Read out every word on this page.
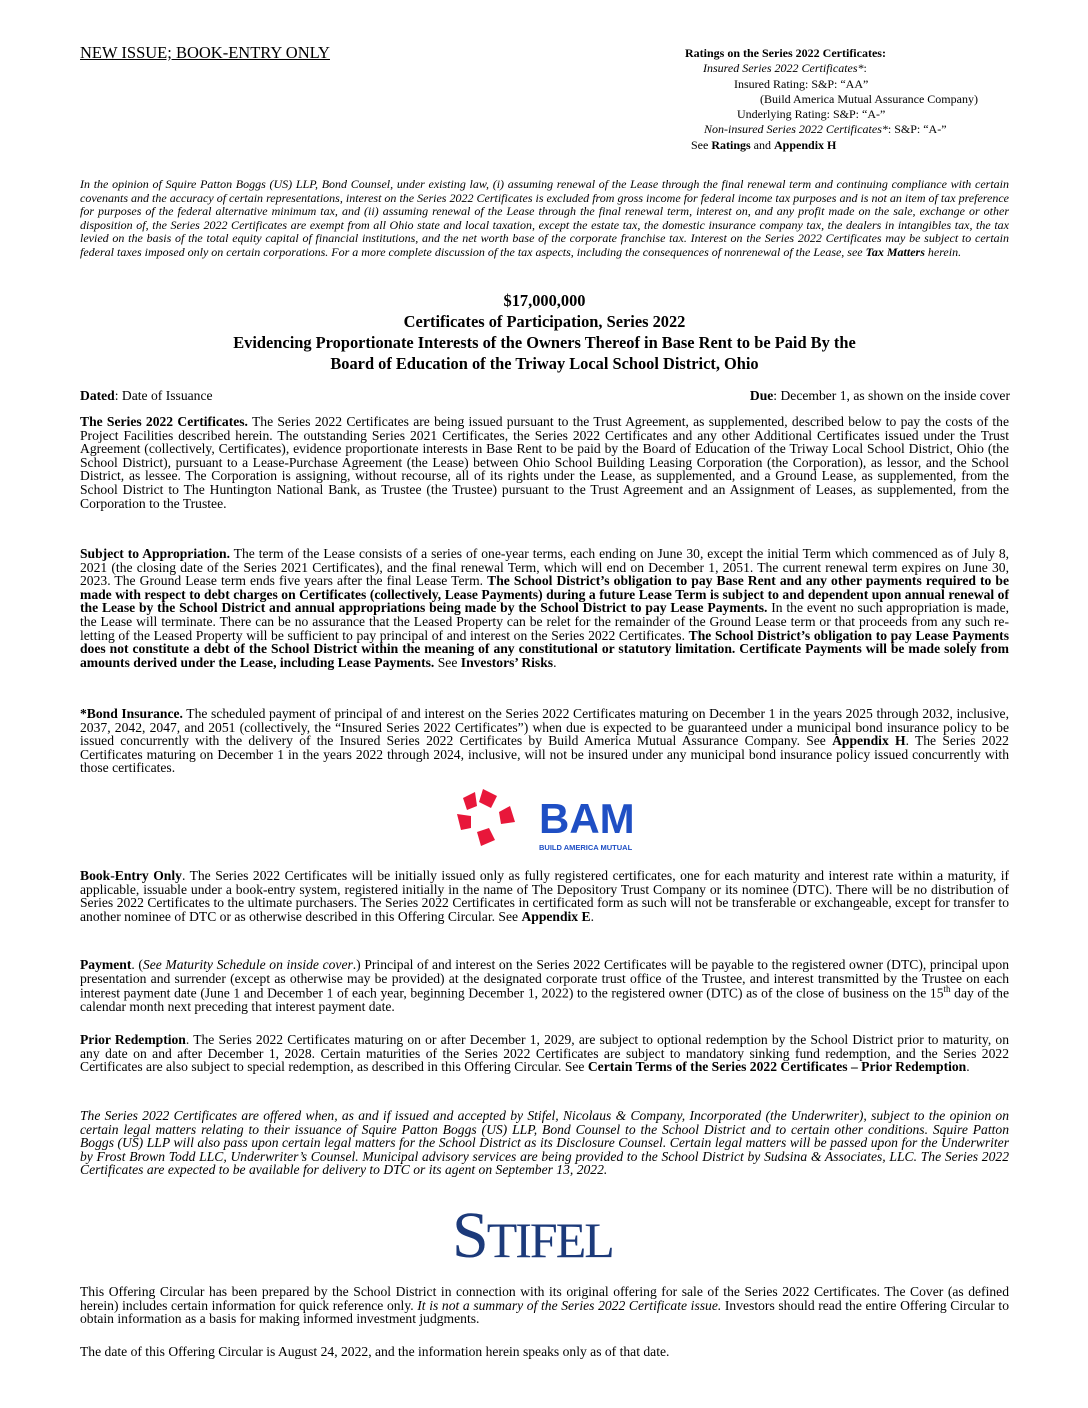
NEW ISSUE; BOOK-ENTRY ONLY	Ratings on the Series 2022 Certificates:
Insured Series 2022 Certificates*:
Insured Rating: S&P: “AA”
(Build America Mutual Assurance Company)
Underlying Rating: S&P: “A-”
Non-insured Series 2022 Certificates*: S&P: “A-”
See Ratings and Appendix H
In the opinion of Squire Patton Boggs (US) LLP, Bond Counsel, under existing law, (i) assuming renewal of the Lease through the final renewal term and continuing compliance with certain covenants and the accuracy of certain representations, interest on the Series 2022 Certificates is excluded from gross income for federal income tax purposes and is not an item of tax preference for purposes of the federal alternative minimum tax, and (ii) assuming renewal of the Lease through the final renewal term, interest on, and any profit made on the sale, exchange or other disposition of, the Series 2022 Certificates are exempt from all Ohio state and local taxation, except the estate tax, the domestic insurance company tax, the dealers in intangibles tax, the tax levied on the basis of the total equity capital of financial institutions, and the net worth base of the corporate franchise tax. Interest on the Series 2022 Certificates may be subject to certain federal taxes imposed only on certain corporations. For a more complete discussion of the tax aspects, including the consequences of nonrenewal of the Lease, see Tax Matters herein.
$17,000,000
Certificates of Participation, Series 2022
Evidencing Proportionate Interests of the Owners Thereof in Base Rent to be Paid By the
Board of Education of the Triway Local School District, Ohio
Dated: Date of Issuance	Due: December 1, as shown on the inside cover
The Series 2022 Certificates. The Series 2022 Certificates are being issued pursuant to the Trust Agreement, as supplemented, described below to pay the costs of the Project Facilities described herein. The outstanding Series 2021 Certificates, the Series 2022 Certificates and any other Additional Certificates issued under the Trust Agreement (collectively, Certificates), evidence proportionate interests in Base Rent to be paid by the Board of Education of the Triway Local School District, Ohio (the School District), pursuant to a Lease-Purchase Agreement (the Lease) between Ohio School Building Leasing Corporation (the Corporation), as lessor, and the School District, as lessee. The Corporation is assigning, without recourse, all of its rights under the Lease, as supplemented, and a Ground Lease, as supplemented, from the School District to The Huntington National Bank, as Trustee (the Trustee) pursuant to the Trust Agreement and an Assignment of Leases, as supplemented, from the Corporation to the Trustee.
Subject to Appropriation. The term of the Lease consists of a series of one-year terms, each ending on June 30, except the initial Term which commenced as of July 8, 2021 (the closing date of the Series 2021 Certificates), and the final renewal Term, which will end on December 1, 2051. The current renewal term expires on June 30, 2023. The Ground Lease term ends five years after the final Lease Term. The School District’s obligation to pay Base Rent and any other payments required to be made with respect to debt charges on Certificates (collectively, Lease Payments) during a future Lease Term is subject to and dependent upon annual renewal of the Lease by the School District and annual appropriations being made by the School District to pay Lease Payments. In the event no such appropriation is made, the Lease will terminate. There can be no assurance that the Leased Property can be relet for the remainder of the Ground Lease term or that proceeds from any such re-letting of the Leased Property will be sufficient to pay principal of and interest on the Series 2022 Certificates. The School District’s obligation to pay Lease Payments does not constitute a debt of the School District within the meaning of any constitutional or statutory limitation. Certificate Payments will be made solely from amounts derived under the Lease, including Lease Payments. See Investors’ Risks.
*Bond Insurance. The scheduled payment of principal of and interest on the Series 2022 Certificates maturing on December 1 in the years 2025 through 2032, inclusive, 2037, 2042, 2047, and 2051 (collectively, the “Insured Series 2022 Certificates”) when due is expected to be guaranteed under a municipal bond insurance policy to be issued concurrently with the delivery of the Insured Series 2022 Certificates by Build America Mutual Assurance Company. See Appendix H. The Series 2022 Certificates maturing on December 1 in the years 2022 through 2024, inclusive, will not be insured under any municipal bond insurance policy issued concurrently with those certificates.
BAM
BUILD AMERICA MUTUAL
Book-Entry Only. The Series 2022 Certificates will be initially issued only as fully registered certificates, one for each maturity and interest rate within a maturity, if applicable, issuable under a book-entry system, registered initially in the name of The Depository Trust Company or its nominee (DTC). There will be no distribution of Series 2022 Certificates to the ultimate purchasers. The Series 2022 Certificates in certificated form as such will not be transferable or exchangeable, except for transfer to another nominee of DTC or as otherwise described in this Offering Circular. See Appendix E.
Payment. (See Maturity Schedule on inside cover.) Principal of and interest on the Series 2022 Certificates will be payable to the registered owner (DTC), principal upon presentation and surrender (except as otherwise may be provided) at the designated corporate trust office of the Trustee, and interest transmitted by the Trustee on each interest payment date (June 1 and December 1 of each year, beginning December 1, 2022) to the registered owner (DTC) as of the close of business on the 15th day of the calendar month next preceding that interest payment date.
Prior Redemption. The Series 2022 Certificates maturing on or after December 1, 2029, are subject to optional redemption by the School District prior to maturity, on any date on and after December 1, 2028. Certain maturities of the Series 2022 Certificates are subject to mandatory sinking fund redemption, and the Series 2022 Certificates are also subject to special redemption, as described in this Offering Circular. See Certain Terms of the Series 2022 Certificates – Prior Redemption.
The Series 2022 Certificates are offered when, as and if issued and accepted by Stifel, Nicolaus & Company, Incorporated (the Underwriter), subject to the opinion on certain legal matters relating to their issuance of Squire Patton Boggs (US) LLP, Bond Counsel to the School District and to certain other conditions. Squire Patton Boggs (US) LLP will also pass upon certain legal matters for the School District as its Disclosure Counsel. Certain legal matters will be passed upon for the Underwriter by Frost Brown Todd LLC, Underwriter’s Counsel. Municipal advisory services are being provided to the School District by Sudsina & Associates, LLC. The Series 2022 Certificates are expected to be available for delivery to DTC or its agent on September 13, 2022.
STIFEL
This Offering Circular has been prepared by the School District in connection with its original offering for sale of the Series 2022 Certificates. The Cover (as defined herein) includes certain information for quick reference only. It is not a summary of the Series 2022 Certificate issue. Investors should read the entire Offering Circular to obtain information as a basis for making informed investment judgments.
The date of this Offering Circular is August 24, 2022, and the information herein speaks only as of that date.
